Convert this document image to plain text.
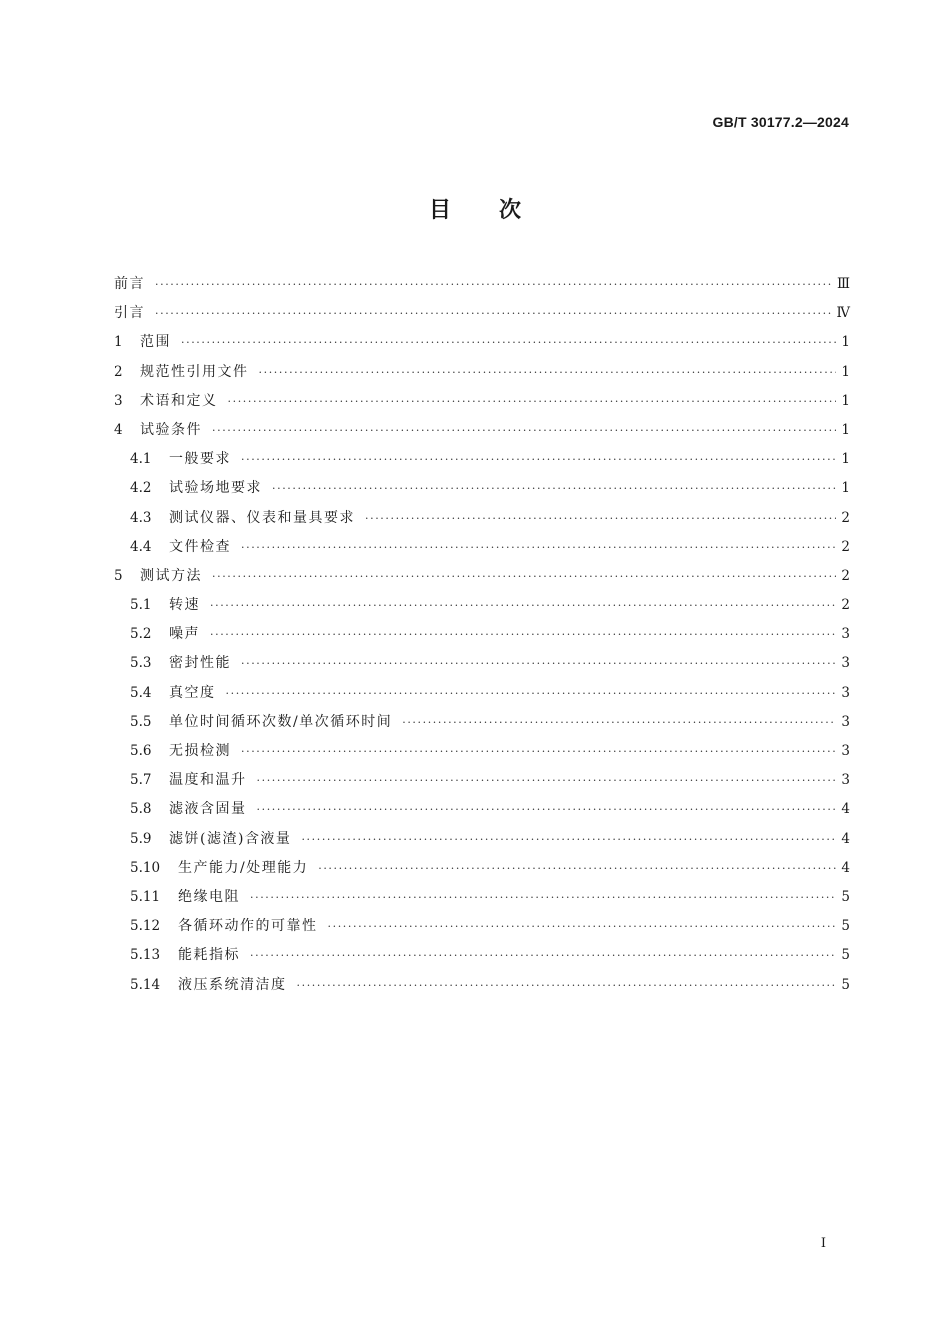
GB/T 30177.2—2024
目次
前言 ·····	Ⅲ
引言 ·····	Ⅳ
1	范围 ·····	1
2	规范性引用文件 ·····	1
3	术语和定义 ·····	1
4	试验条件 ·····	1
4.1	一般要求 ·····	1
4.2	试验场地要求 ·····	1
4.3	测试仪器、仪表和量具要求 ·····	2
4.4	文件检查 ·····	2
5	测试方法 ·····	2
5.1	转速 ·····	2
5.2	噪声 ·····	3
5.3	密封性能 ·····	3
5.4	真空度 ·····	3
5.5	单位时间循环次数/单次循环时间 ·····	3
5.6	无损检测 ·····	3
5.7	温度和温升 ·····	3
5.8	滤液含固量 ·····	4
5.9	滤饼(滤渣)含液量 ·····	4
5.10	生产能力/处理能力 ·····	4
5.11	绝缘电阻 ·····	5
5.12	各循环动作的可靠性 ·····	5
5.13	能耗指标 ·····	5
5.14	液压系统清洁度 ·····	5
I
